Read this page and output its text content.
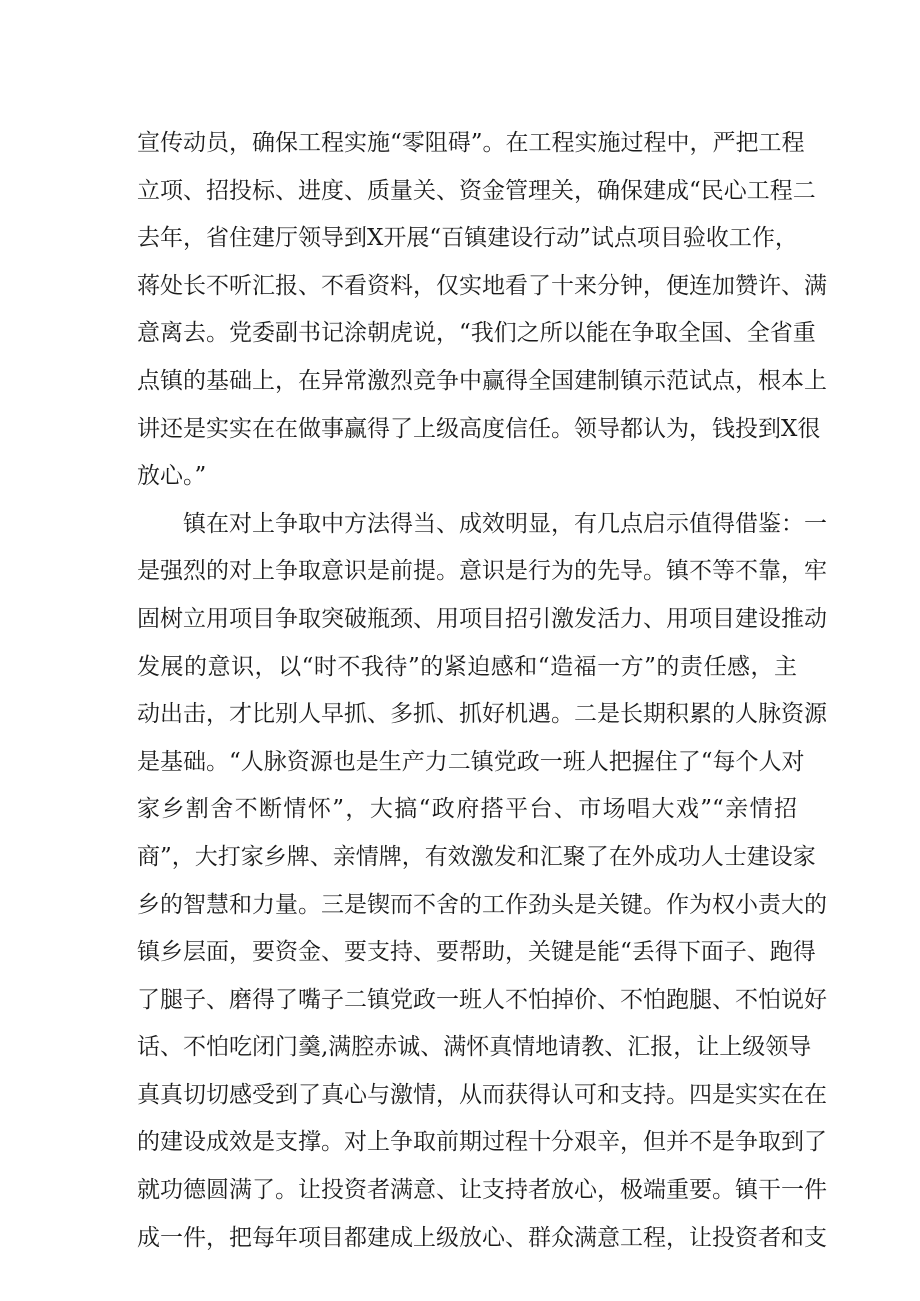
宣传动员，确保工程实施“零阻碍”。在工程实施过程中，严把工程
立项、招投标、进度、质量关、资金管理关，确保建成“民心工程二
去年，省住建厅领导到X开展“百镇建设行动”试点项目验收工作，
蒋处长不听汇报、不看资料，仅实地看了十来分钟，便连加赞许、满
意离去。党委副书记涂朝虎说，“我们之所以能在争取全国、全省重
点镇的基础上，在异常激烈竞争中赢得全国建制镇示范试点，根本上
讲还是实实在在做事赢得了上级高度信任。领导都认为，钱投到X很
放心。”
　　镇在对上争取中方法得当、成效明显，有几点启示值得借鉴：一
是强烈的对上争取意识是前提。意识是行为的先导。镇不等不靠，牢
固树立用项目争取突破瓶颈、用项目招引激发活力、用项目建设推动
发展的意识，以“时不我待”的紧迫感和“造福一方”的责任感，主
动出击，才比别人早抓、多抓、抓好机遇。二是长期积累的人脉资源
是基础。“人脉资源也是生产力二镇党政一班人把握住了“每个人对
家乡割舍不断情怀”，大搞“政府搭平台、市场唱大戏”“亲情招
商”，大打家乡牌、亲情牌，有效激发和汇聚了在外成功人士建设家
乡的智慧和力量。三是锲而不舍的工作劲头是关键。作为权小责大的
镇乡层面，要资金、要支持、要帮助，关键是能“丢得下面子、跑得
了腿子、磨得了嘴子二镇党政一班人不怕掉价、不怕跑腿、不怕说好
话、不怕吃闭门羹,满腔赤诚、满怀真情地请教、汇报，让上级领导
真真切切感受到了真心与激情，从而获得认可和支持。四是实实在在
的建设成效是支撑。对上争取前期过程十分艰辛，但并不是争取到了
就功德圆满了。让投资者满意、让支持者放心，极端重要。镇干一件
成一件，把每年项目都建成上级放心、群众满意工程，让投资者和支
